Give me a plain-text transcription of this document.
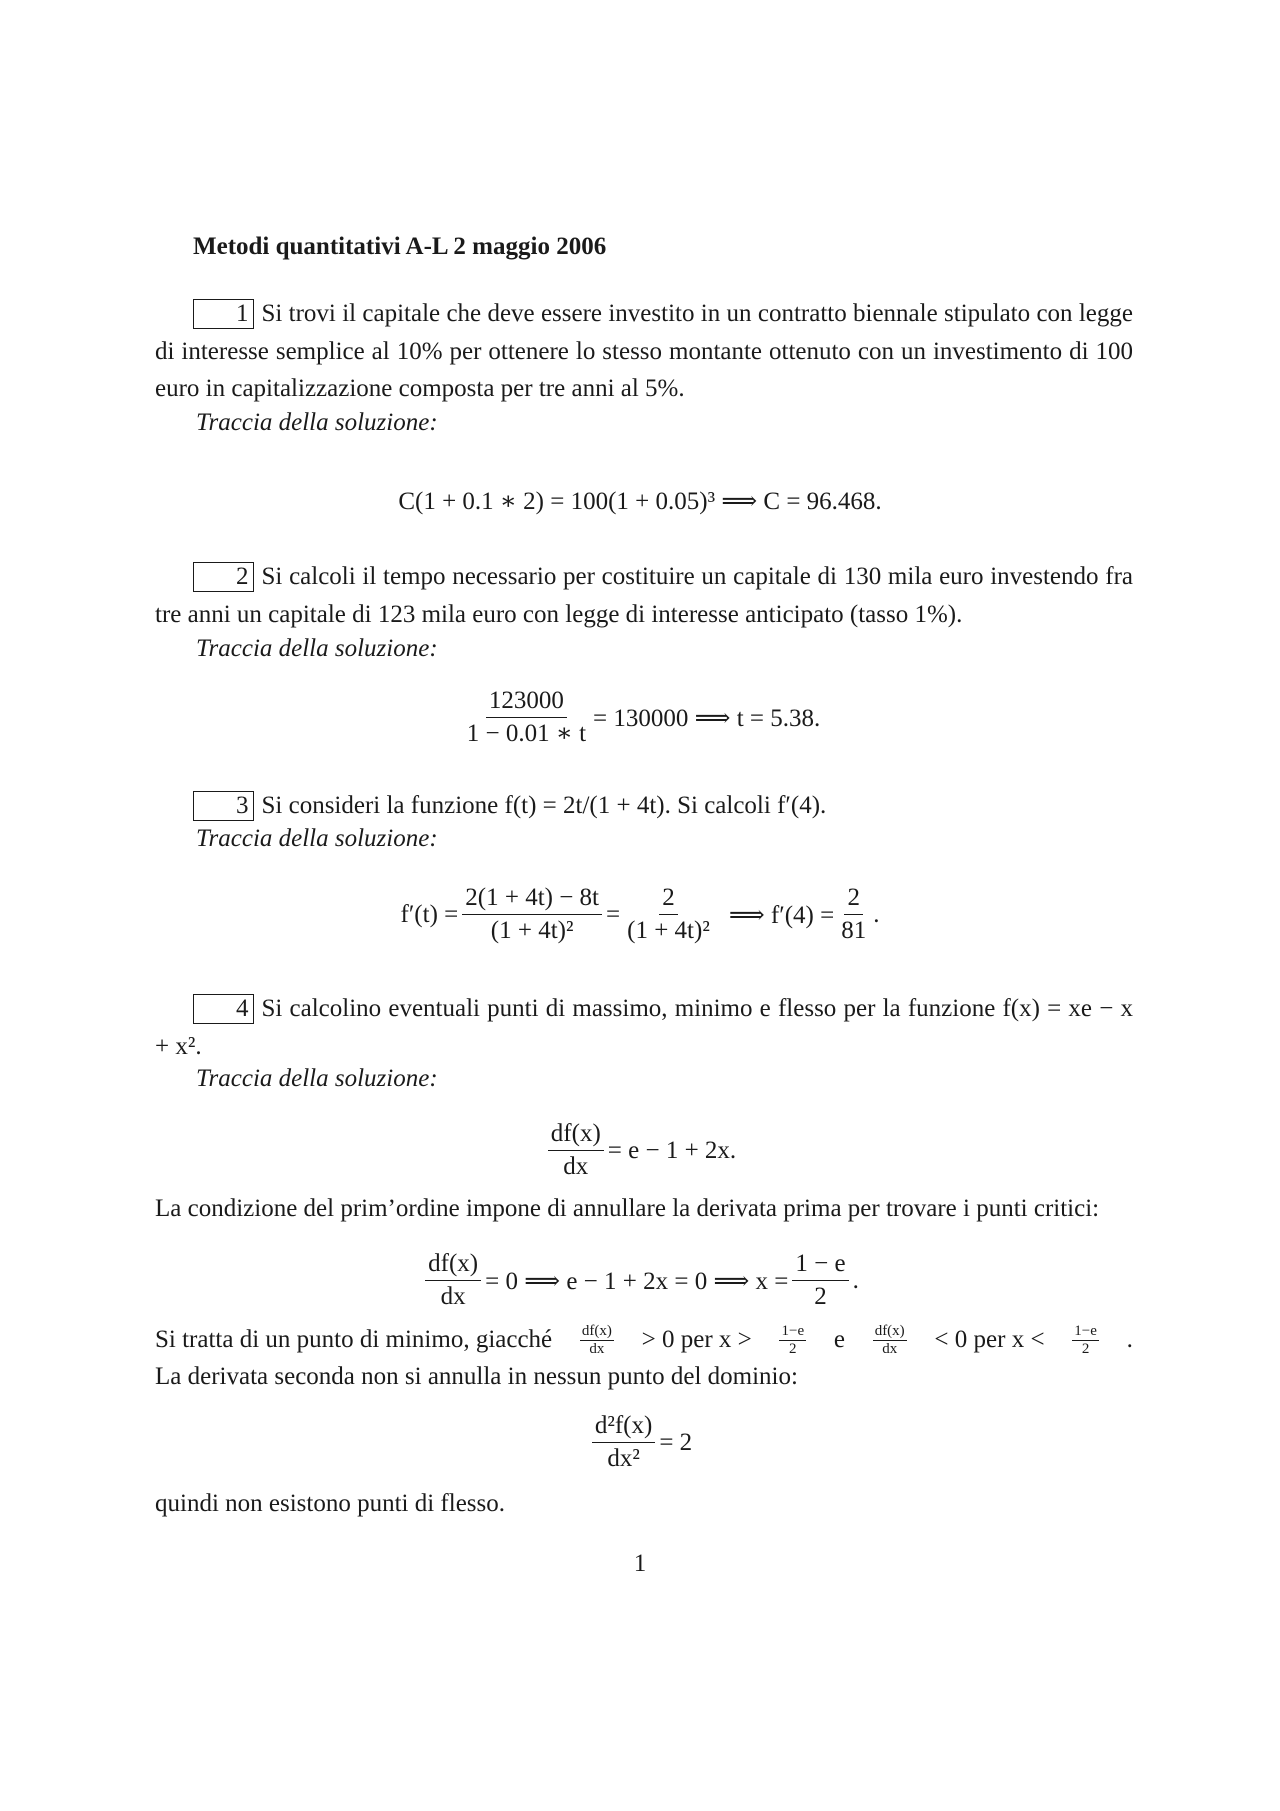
Metodi quantitativi A-L 2 maggio 2006
1 Si trovi il capitale che deve essere investito in un contratto biennale stipulato con legge di interesse semplice al 10% per ottenere lo stesso montante ottenuto con un investimento di 100 euro in capitalizzazione composta per tre anni al 5%.
Traccia della soluzione:
C(1 + 0.1 ∗ 2) = 100(1 + 0.05)³ ⟹ C = 96.468.
2 Si calcoli il tempo necessario per costituire un capitale di 130 mila euro investendo fra tre anni un capitale di 123 mila euro con legge di interesse anticipato (tasso 1%).
Traccia della soluzione:
$\frac{123000}{1 - 0.01 ∗ t} = 130000$ ⟹ t = 5.38.
3 Si consideri la funzione f(t) = 2t/(1 + 4t). Si calcoli f′(4).
Traccia della soluzione:
$f'(t) = \frac{2(1 + 4t) - 8t}{\text{(1 + 4t)²}} = \frac{2}{\text{(1 + 4t)²}}$ ⟹ $f'(4) = \frac{2}{81}$ .
4 Si calcolino eventuali punti di massimo, minimo e flesso per la funzione f(x) = xe − x + x².
Traccia della soluzione:
$\frac{df(x)}{dx} = e - 1 + 2x$.
La condizione del prim’ordine impone di annullare la derivata prima per trovare i punti critici:
$\frac{df(x)}{dx} = 0$ ⟹ e − 1 + 2x = 0 ⟹ $x = \frac{1 - e}{2}$ .
Si tratta di un punto di minimo, giacché df(x)
dx > 0 per x > 1−e
2 e df(x)
dx < 0 per x < 1−e
2 .
La derivata seconda non si annulla in nessun punto del dominio:
$\frac{\text{d²f(x)}}{\text{dx²}} = 2$
quindi non esistono punti di flesso.
1
